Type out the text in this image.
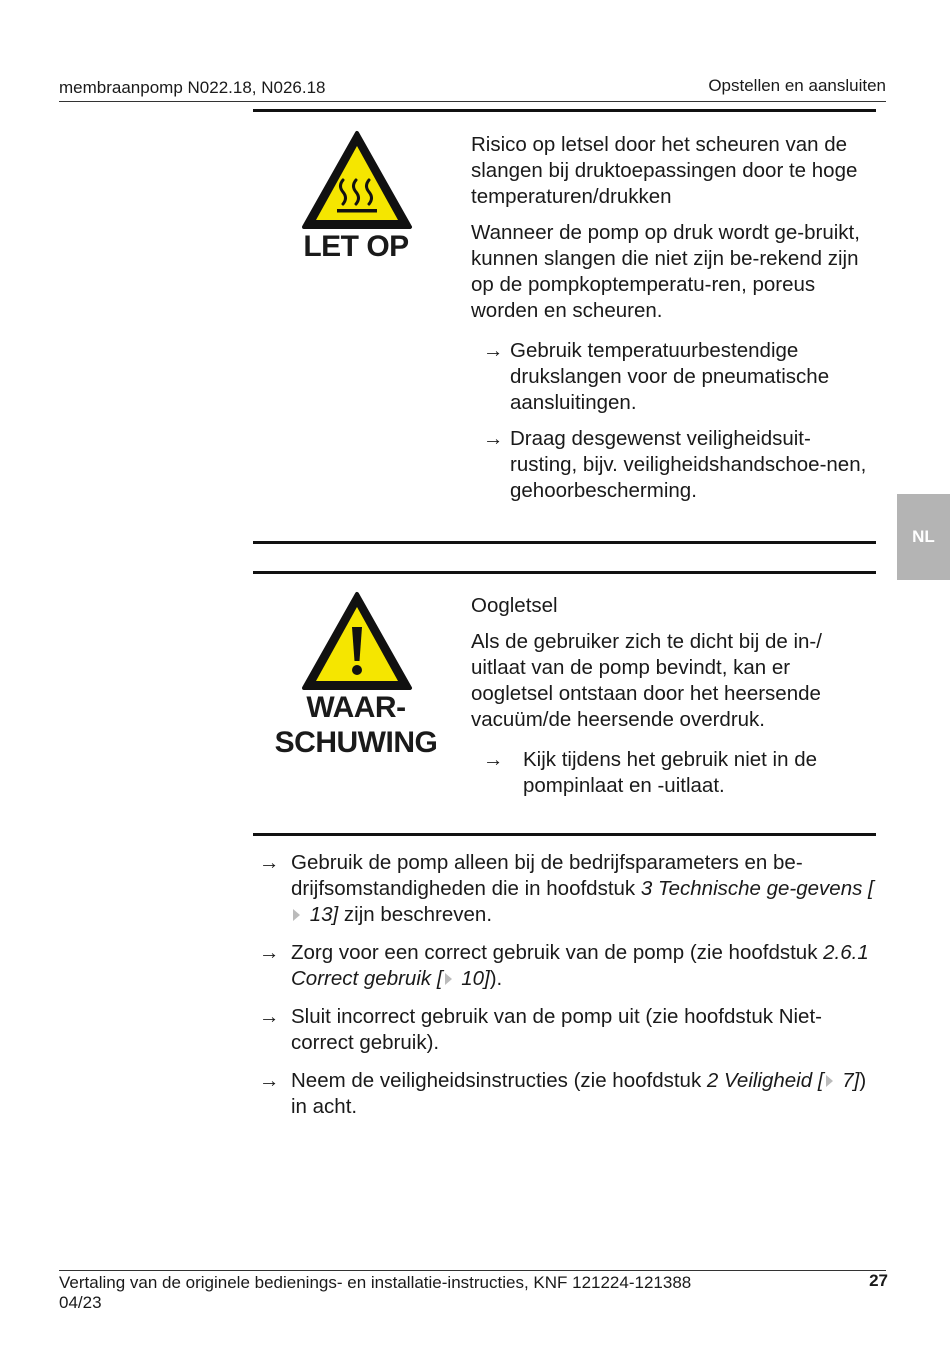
membraanpomp N022.18, N026.18	Opstellen en aansluiten
NL
LET OP

Risico op letsel door het scheuren van de slangen bij druktoepassingen door te hoge temperaturen/drukken

Wanneer de pomp op druk wordt ge-bruikt, kunnen slangen die niet zijn be-rekend zijn op de pompkoptemperatu-ren, poreus worden en scheuren.

→ Gebruik temperatuurbestendige drukslangen voor de pneumatische aansluitingen.
→ Draag desgewenst veiligheidsuit-rusting, bijv. veiligheidshandschoe-nen, gehoorbescherming.
WAAR-
SCHUWING

Oogletsel

Als de gebruiker zich te dicht bij de in-/ uitlaat van de pomp bevindt, kan er oogletsel ontstaan door het heersende vacuüm/de heersende overdruk.

→ Kijk tijdens het gebruik niet in de pompinlaat en -uitlaat.
→ Gebruik de pomp alleen bij de bedrijfsparameters en be-drijfsomstandigheden die in hoofdstuk 3 Technische ge-gevens [ 13] zijn beschreven.
→ Zorg voor een correct gebruik van de pomp (zie hoofdstuk 2.6.1 Correct gebruik [ 10]).
→ Sluit incorrect gebruik van de pomp uit (zie hoofdstuk Niet-correct gebruik).
→ Neem de veiligheidsinstructies (zie hoofdstuk 2 Veiligheid [ 7]) in acht.
Vertaling van de originele bedienings- en installatie-instructies, KNF 121224-121388
04/23
27
